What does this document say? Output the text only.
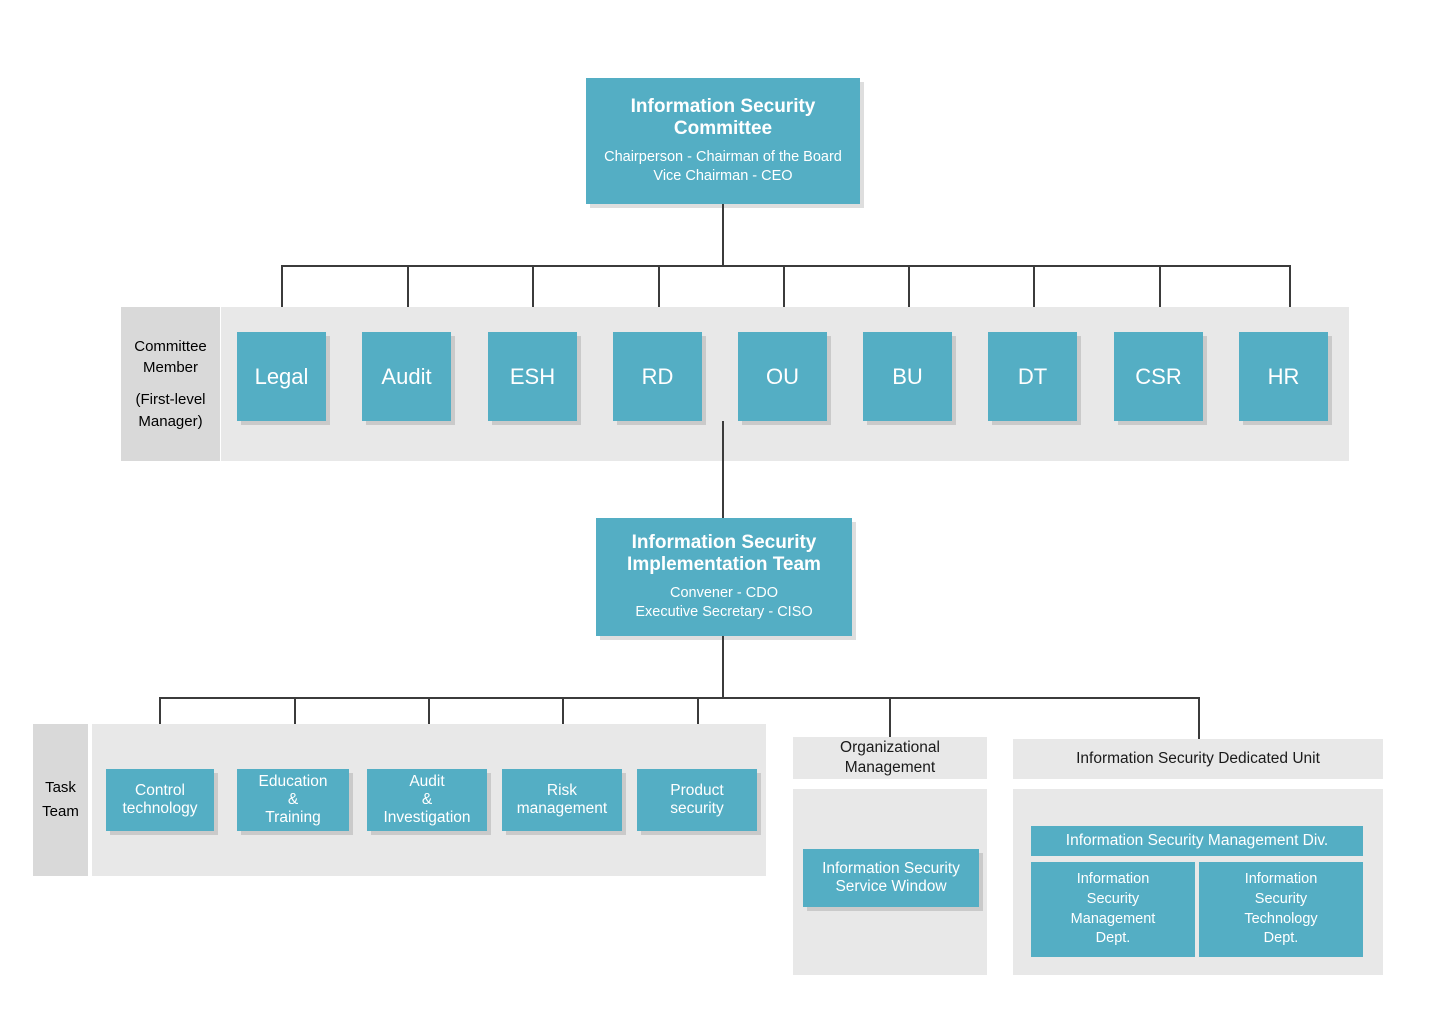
Information Security
Committee
Chairperson - Chairman of the Board
Vice Chairman - CEO
Committee
Member
(First-level
Manager)
Legal	Audit	ESH	RD	OU	BU	DT	CSR	HR
Information Security
Implementation Team
Convener - CDO
Executive Secretary - CISO
Task
Team
Control
technology
Education
&
Training
Audit
&
Investigation
Risk
management
Product
security
Organizational
Management
Information Security
Service Window
Information Security Dedicated Unit
Information Security Management Div.
Information
Security
Management
Dept.
Information
Security
Technology
Dept.
